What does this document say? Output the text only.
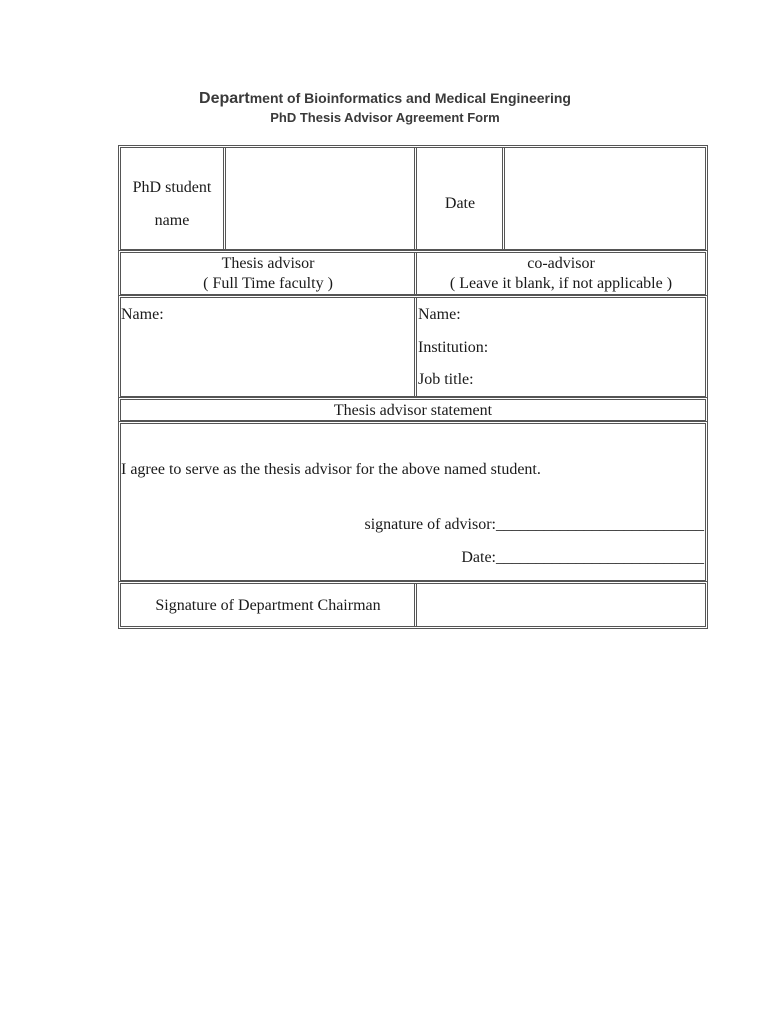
Department of Bioinformatics and Medical Engineering
PhD Thesis Advisor Agreement Form
PhD student
name
Date
Thesis advisor
( Full Time faculty )
co-advisor
( Leave it blank, if not applicable )
Name:	Name:
Institution:
Job title:
Thesis advisor statement
I agree to serve as the thesis advisor for the above named student.
signature of advisor:__________________________
Date:__________________________
Signature of Department Chairman
